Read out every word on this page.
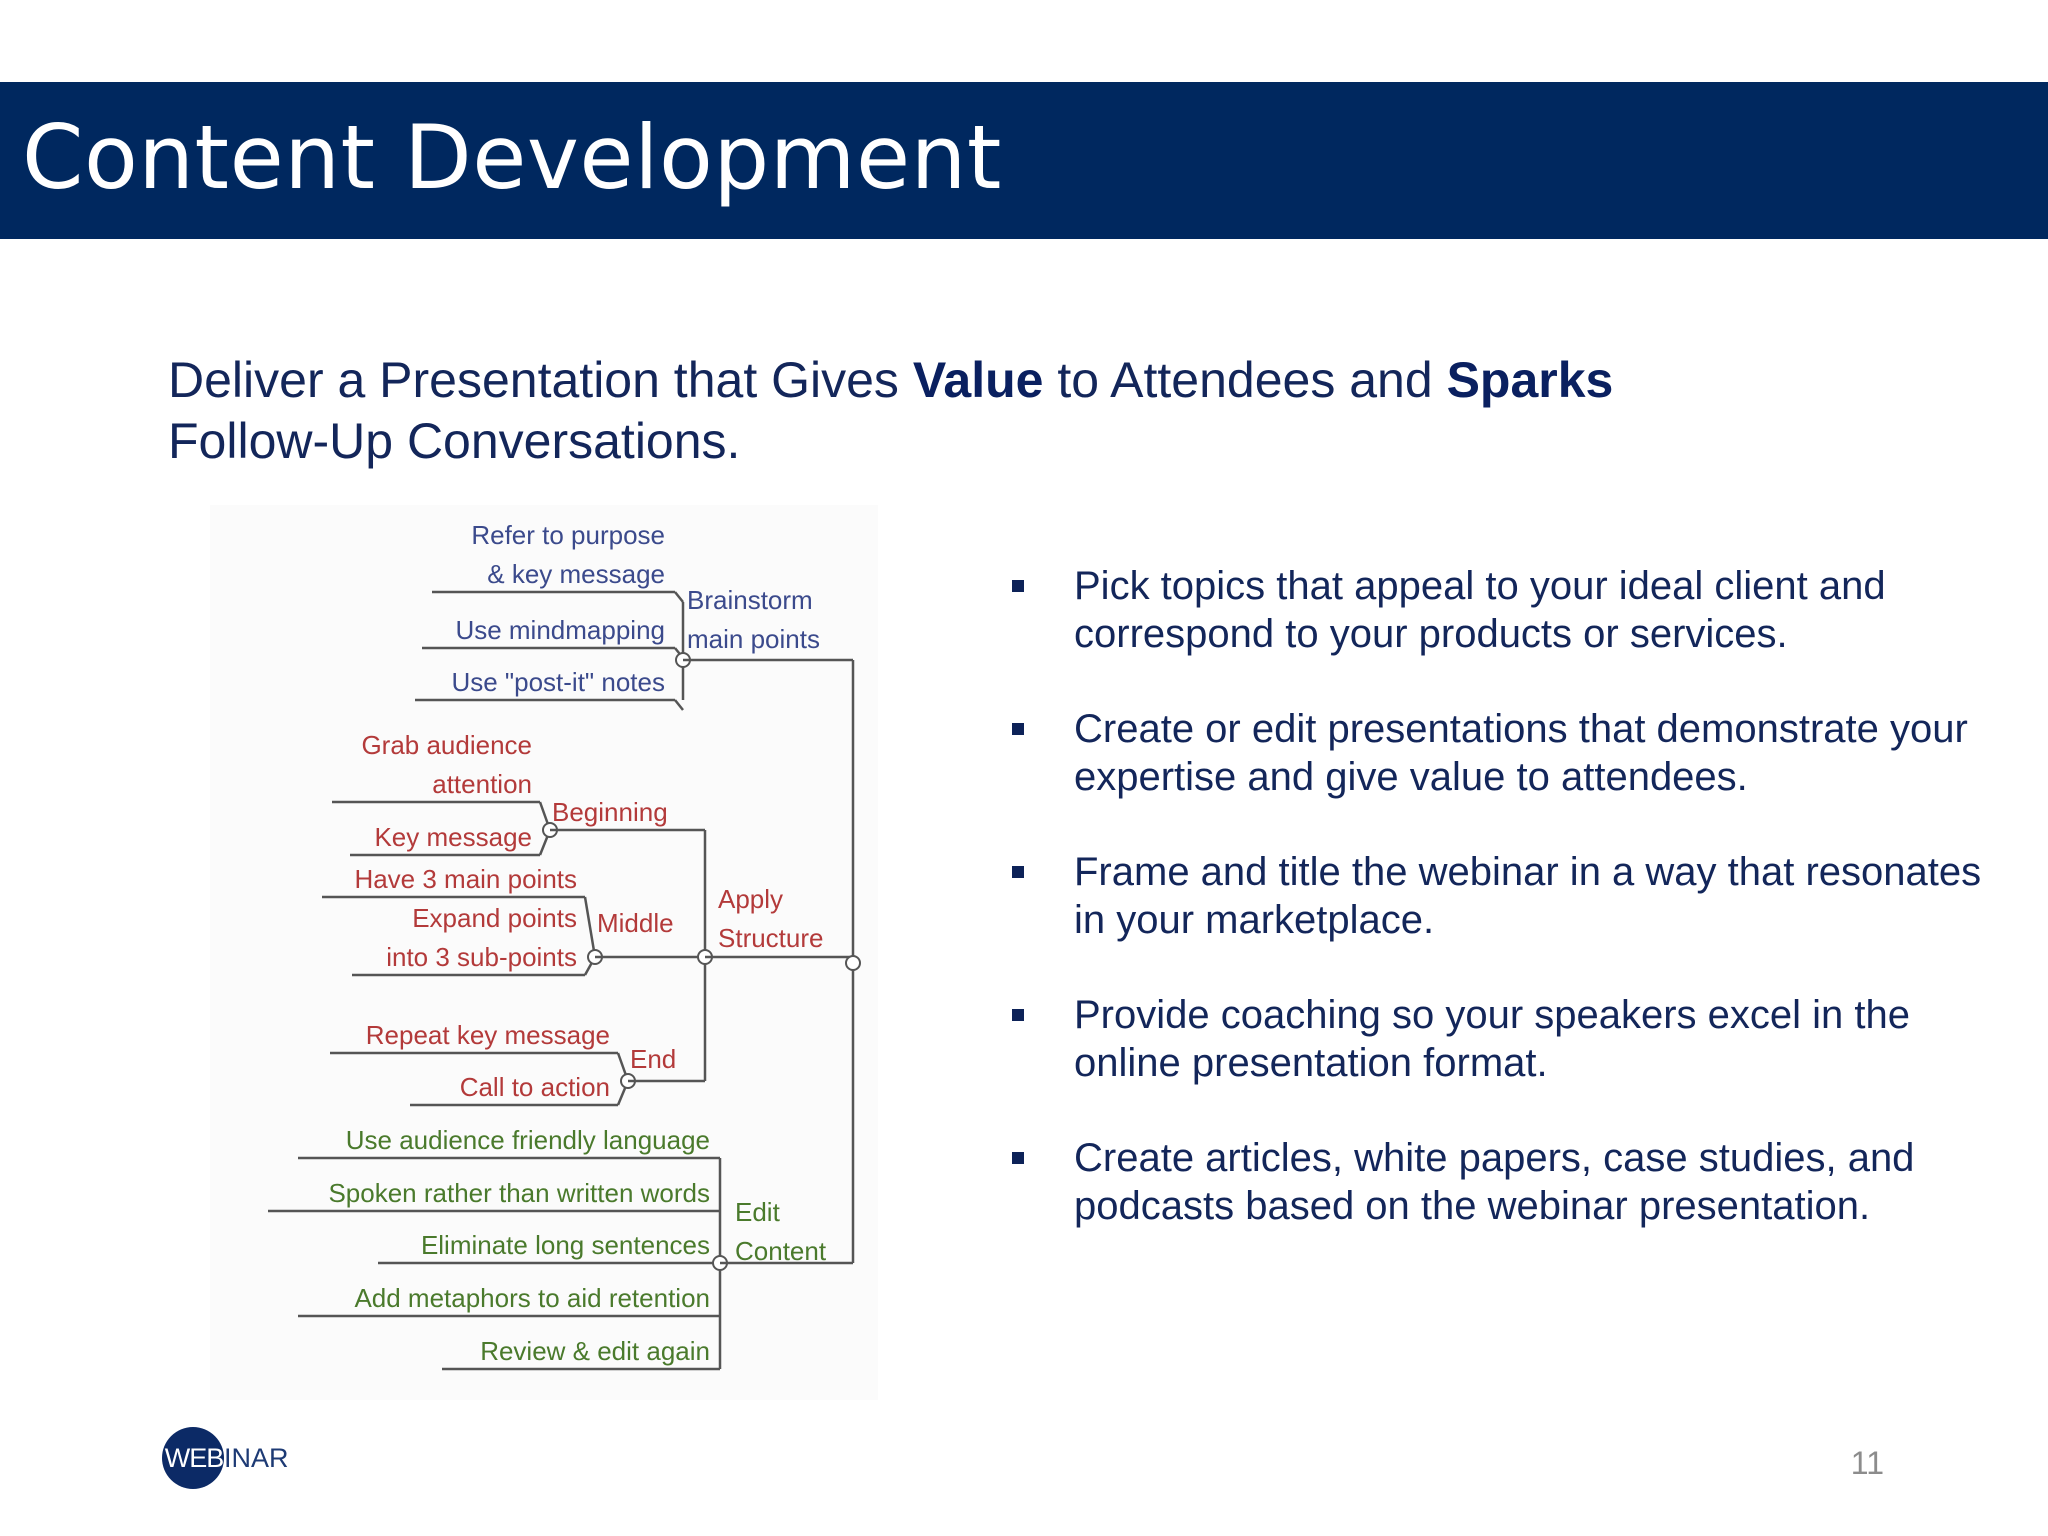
Content Development
Deliver a Presentation that Gives Value to Attendees and Sparks Follow-Up Conversations.
Refer to purpose
& key message
Use mindmapping
Use "post-it" notes
Brainstorm
main points
Grab audience
attention
Key message
Beginning
Have 3 main points
Expand points
into 3 sub-points
Middle
Repeat key message
Call to action
End
Apply
Structure
Use audience friendly language
Spoken rather than written words
Eliminate long sentences
Add metaphors to aid retention
Review & edit again
Edit
Content
Pick topics that appeal to your ideal client and correspond to your products or services.
Create or edit presentations that demonstrate your expertise and give value to attendees.
Frame and title the webinar in a way that resonates in your marketplace.
Provide coaching so your speakers excel in the online presentation format.
Create articles, white papers, case studies, and podcasts based on the webinar presentation.
WEB INAR	11
